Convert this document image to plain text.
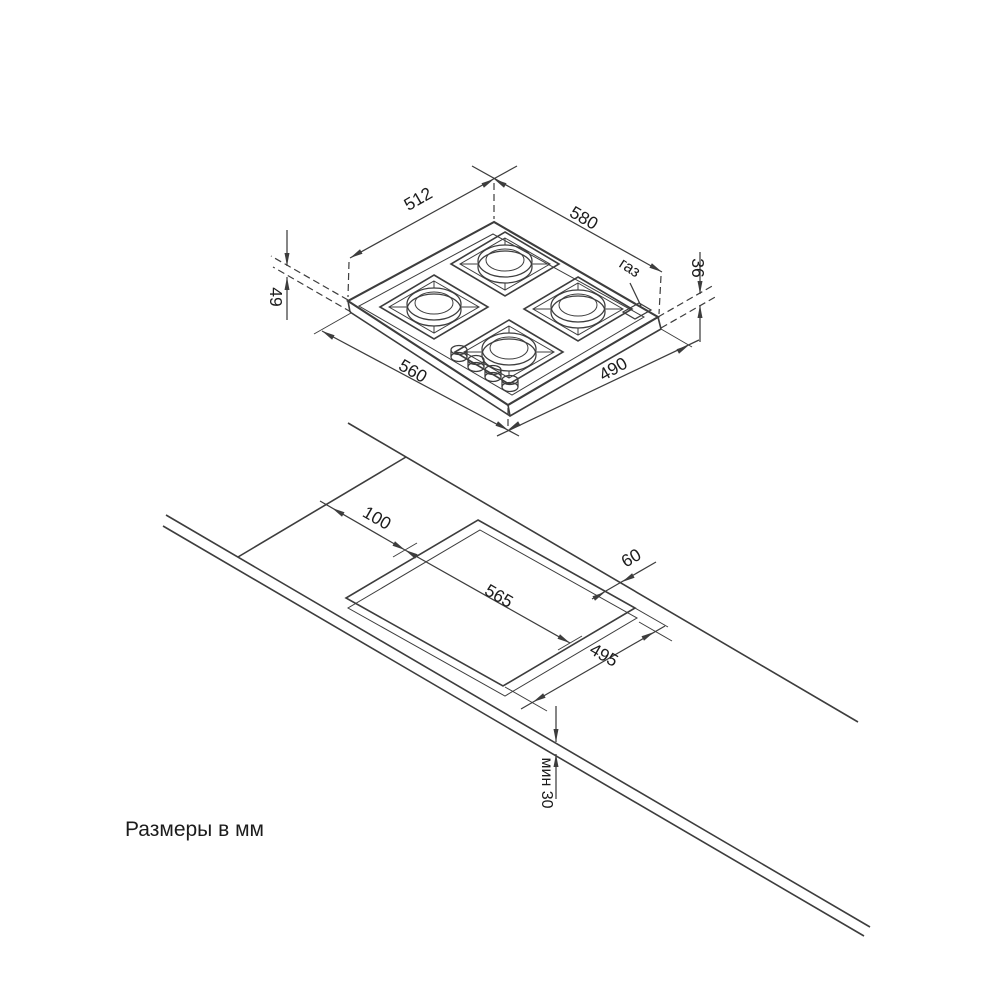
газ
512
580
49
36
560	490
100
565
495
60
мин 30
Размеры в мм
